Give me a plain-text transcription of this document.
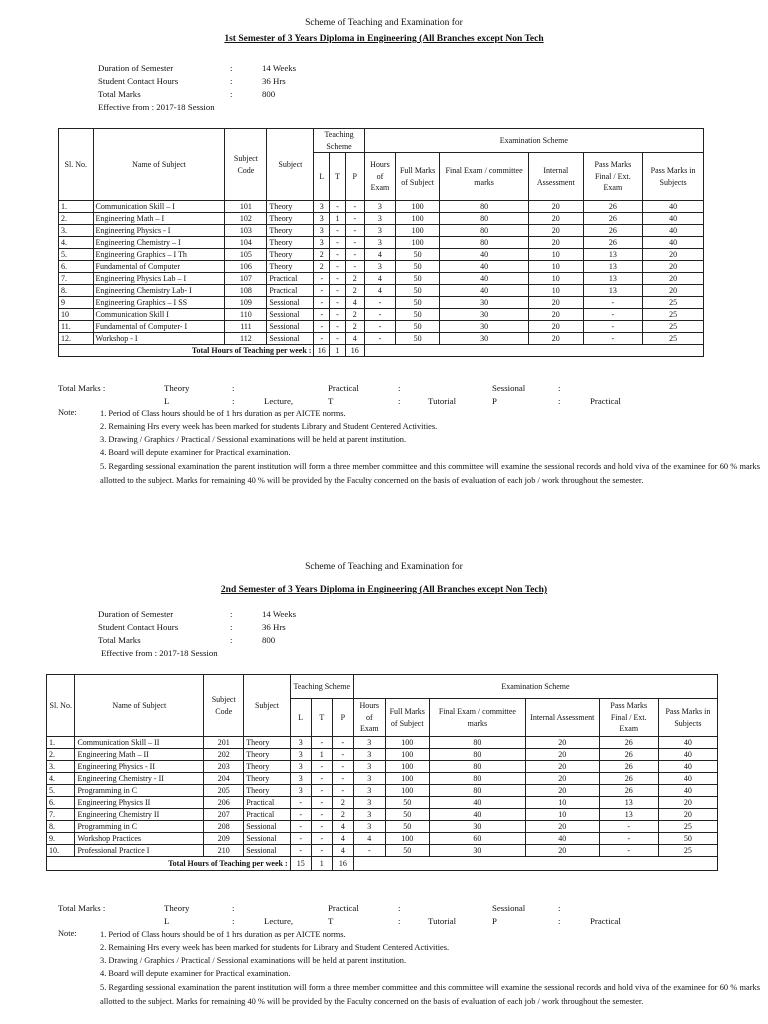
Scheme of Teaching and Examination for
1st Semester of 3 Years Diploma in Engineering (All Branches except Non Tech
Duration of Semester	:	14 Weeks
Student Contact Hours	:	36 Hrs
Total Marks	:	800
Effective from : 2017-18 Session
Sl. No.	Name of Subject	Subject Code	Subject	Teaching Scheme			Examination Scheme					
				L	T	P	Hours of Exam	Full Marks of Subject	Final Exam / committee marks	Internal Assessment	Pass Marks Final / Ext. Exam	Pass Marks in Subjects

1.	Communication Skill – I	101	Theory	3	-	-	3	100	80	20	26	40
2.	Engineering Math – I	102	Theory	3	1	-	3	100	80	20	26	40
3.	Engineering Physics - I	103	Theory	3	-	-	3	100	80	20	26	40
4.	Engineering Chemistry – I	104	Theory	3	-	-	3	100	80	20	26	40
5.	Engineering Graphics – I Th	105	Theory	2	-	-	4	50	40	10	13	20
6.	Fundamental of Computer	106	Theory	2	-	-	3	50	40	10	13	20
7.	Engineering Physics Lab – I	107	Practical	-	-	2	4	50	40	10	13	20
8.	Engineering Chemistry Lab- I	108	Practical	-	-	2	4	50	40	10	13	20
9	Engineering Graphics – I SS	109	Sessional	-	-	4	-	50	30	20	-	25
10	Communication Skill I	110	Sessional	-	-	2	-	50	30	20	-	25
11.	Fundamental of Computer- I	111	Sessional	-	-	2	-	50	30	20	-	25
12.	Workshop - I	112	Sessional	-	-	4	-	50	30	20	-	25
Total Hours of Teaching per week :				16	1	16						
Total Marks :	Theory	:	Practical	:	Sessional	:
L	:	Lecture,	T	:	Tutorial	P	:	Practical
Note:	1. Period of Class hours should be of 1 hrs duration as per AICTE norms.
2. Remaining Hrs every week has been marked for students Library and Student Centered Activities.
3. Drawing / Graphics / Practical / Sessional examinations will be held at parent institution.
4. Board will depute examiner for Practical examination.
5. Regarding sessional examination the parent institution will form a three member committee and this committee will examine the sessional records and hold viva of the examinee for 60 % marks allotted to the subject. Marks for remaining 40 % will be provided by the Faculty concerned on the basis of evaluation of each job / work throughout the semester.
Scheme of Teaching and Examination for
2nd Semester of 3 Years Diploma in Engineering (All Branches except Non Tech)
Duration of Semester	:	14 Weeks
Student Contact Hours	:	36 Hrs
Total Marks	:	800
Effective from : 2017-18 Session
Sl. No.	Name of Subject	Subject Code	Subject	Teaching Scheme			Examination Scheme					
				L	T	P	Hours of Exam	Full Marks of Subject	Final Exam / committee marks	Internal Assessment	Pass Marks Final / Ext. Exam	Pass Marks in Subjects

1.	Communication Skill – II	201	Theory	3	-	-	3	100	80	20	26	40
2.	Engineering Math – II	202	Theory	3	1	-	3	100	80	20	26	40
3.	Engineering Physics - II	203	Theory	3	-	-	3	100	80	20	26	40
4.	Engineering Chemistry - II	204	Theory	3	-	-	3	100	80	20	26	40
5.	Programming in C	205	Theory	3	-	-	3	100	80	20	26	40
6.	Engineering Physics II	206	Practical	-	-	2	3	50	40	10	13	20
7.	Engineering Chemistry II	207	Practical	-	-	2	3	50	40	10	13	20
8.	Programming in C	208	Sessional	-	-	4	3	50	30	20	-	25
9.	Workshop Practices	209	Sessional	-	-	4	4	100	60	40	-	50
10.	Professional Practice I	210	Sessional	-	-	4	-	50	30	20	-	25
Total Hours of Teaching per week :				15	1	16						
Total Marks :	Theory	:	Practical	:	Sessional	:
L	:	Lecture,	T	:	Tutorial	P	:	Practical
Note:	1. Period of Class hours should be of 1 hrs duration as per AICTE norms.
2. Remaining Hrs every week has been marked for students for Library and Student Centered Activities.
3. Drawing / Graphics / Practical / Sessional examinations will be held at parent institution.
4. Board will depute examiner for Practical examination.
5. Regarding sessional examination the parent institution will form a three member committee and this committee will examine the sessional records and hold viva of the examinee for 60 % marks allotted to the subject. Marks for remaining 40 % will be provided by the Faculty concerned on the basis of evaluation of each job / work throughout the semester.
